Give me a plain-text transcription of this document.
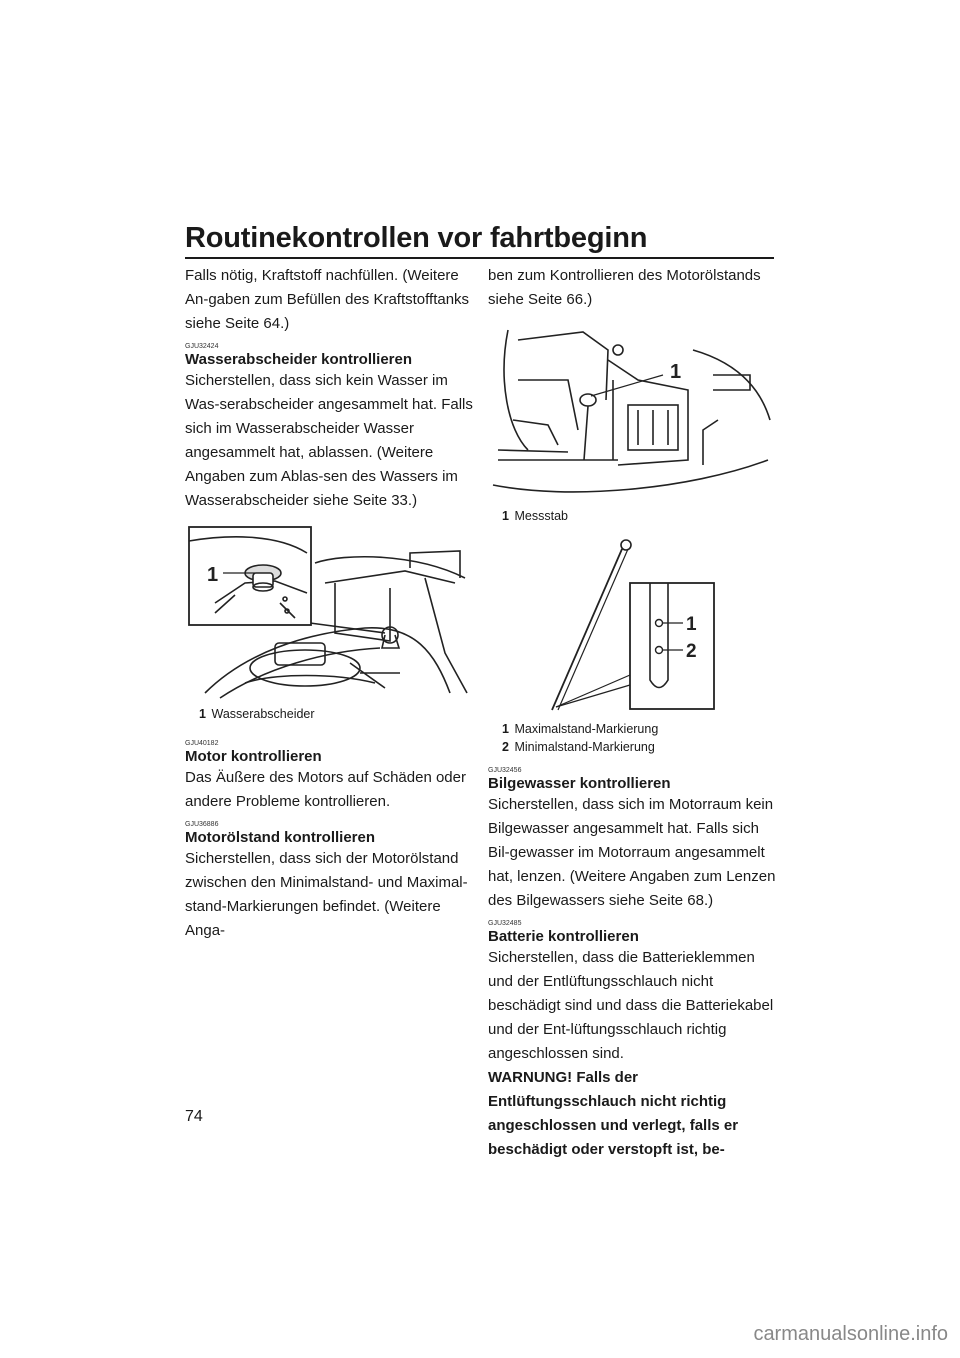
Routinekontrollen vor fahrtbeginn

Falls nötig, Kraftstoff nachfüllen. (Weitere An-gaben zum Befüllen des Kraftstofftanks siehe Seite 64.)

GJU32424

Wasserabscheider kontrollieren

Sicherstellen, dass sich kein Wasser im Was-serabscheider angesammelt hat. Falls sich im Wasserabscheider Wasser angesammelt hat, ablassen. (Weitere Angaben zum Ablas-sen des Wassers im Wasserabscheider siehe Seite 33.)

1

1 Wasserabscheider

GJU40182

Motor kontrollieren

Das Äußere des Motors auf Schäden oder andere Probleme kontrollieren.

GJU36886

Motorölstand kontrollieren

Sicherstellen, dass sich der Motorölstand zwischen den Minimalstand- und Maximal-stand-Markierungen befindet. (Weitere Anga-

ben zum Kontrollieren des Motorölstands siehe Seite 66.)

1

1 Messstab

1
2

1 Maximalstand-Markierung

2 Minimalstand-Markierung

GJU32456

Bilgewasser kontrollieren

Sicherstellen, dass sich im Motorraum kein Bilgewasser angesammelt hat. Falls sich Bil-gewasser im Motorraum angesammelt hat, lenzen. (Weitere Angaben zum Lenzen des Bilgewassers siehe Seite 68.)

GJU32485

Batterie kontrollieren

Sicherstellen, dass die Batterieklemmen und der Entlüftungsschlauch nicht beschädigt sind und dass die Batteriekabel und der Ent-lüftungsschlauch richtig angeschlossen sind.

WARNUNG! Falls der Entlüftungsschlauch nicht richtig angeschlossen und verlegt, falls er beschädigt oder verstopft ist, be-

74
carmanualsonline.info
